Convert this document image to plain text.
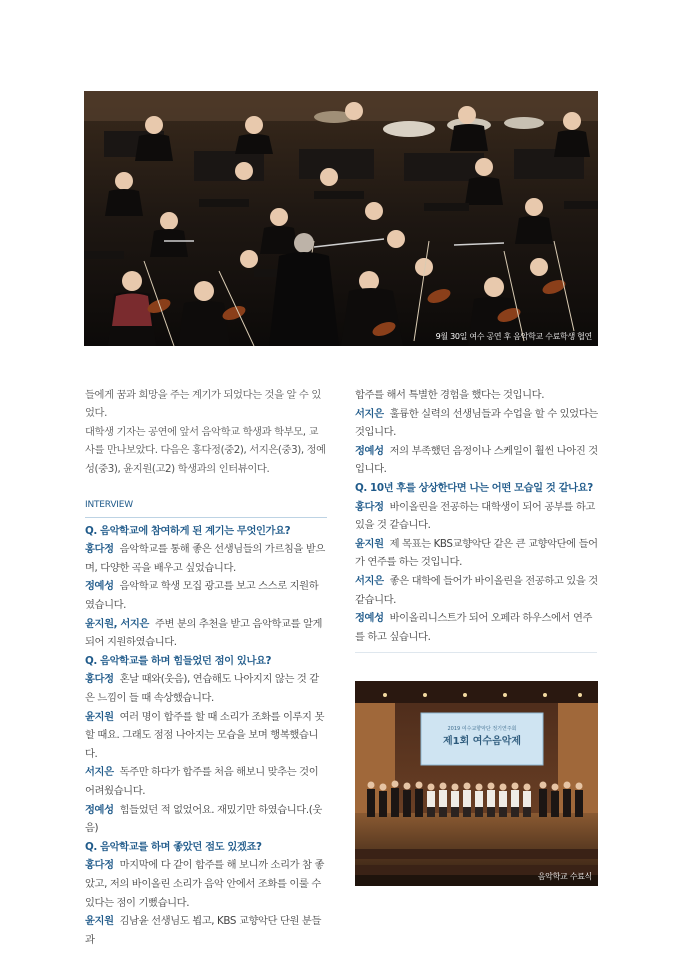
9월 30일 여수 공연 후 음악학교 수료학생 협연

들에게 꿈과 희망을 주는 계기가 되었다는 것을 알 수 있었다.

대학생 기자는 공연에 앞서 음악학교 학생과 학부모, 교사를 만나보았다. 다음은 홍다정(중2), 서지은(중3), 정예성(중3), 윤지원(고2) 학생과의 인터뷰이다.

INTERVIEW

Q. 음악학교에 참여하게 된 계기는 무엇인가요?

홍다정 음악학교를 통해 좋은 선생님들의 가르침을 받으며, 다양한 곡을 배우고 싶었습니다.

정예성 음악학교 학생 모집 광고를 보고 스스로 지원하였습니다.

윤지원, 서지은 주변 분의 추천을 받고 음악학교를 알게 되어 지원하였습니다.

Q. 음악학교를 하며 힘들었던 점이 있나요?

홍다정 혼날 때와(웃음), 연습해도 나아지지 않는 것 같은 느낌이 들 때 속상했습니다.

윤지원 여러 명이 합주를 할 때 소리가 조화를 이루지 못할 때요. 그래도 점점 나아지는 모습을 보며 행복했습니다.

서지은 독주만 하다가 합주를 처음 해보니 맞추는 것이 어려웠습니다.

정예성 힘들었던 적 없었어요. 재밌기만 하였습니다.(웃음)

Q. 음악학교를 하며 좋았던 점도 있겠죠?

홍다정 마지막에 다 같이 합주를 해 보니까 소리가 참 좋았고, 저의 바이올린 소리가 음악 안에서 조화를 이룰 수 있다는 점이 기뻤습니다.

윤지원 김남윤 선생님도 뵙고, KBS 교향악단 단원 분들과

합주를 해서 특별한 경험을 했다는 것입니다.

서지은 훌륭한 실력의 선생님들과 수업을 할 수 있었다는 것입니다.

정예성 저의 부족했던 음정이나 스케일이 훨씬 나아진 것 입니다.

Q. 10년 후를 상상한다면 나는 어떤 모습일 것 같나요?

홍다정 바이올린을 전공하는 대학생이 되어 공부를 하고 있을 것 같습니다.

윤지원 제 목표는 KBS교향악단 같은 큰 교향악단에 들어가 연주를 하는 것입니다.

서지은 좋은 대학에 들어가 바이올린을 전공하고 있을 것 같습니다.

정예성 바이올리니스트가 되어 오페라 하우스에서 연주를 하고 싶습니다.

2019 여수교향악단 정기연주회
제1회 여수음악제
음악학교 수료식
